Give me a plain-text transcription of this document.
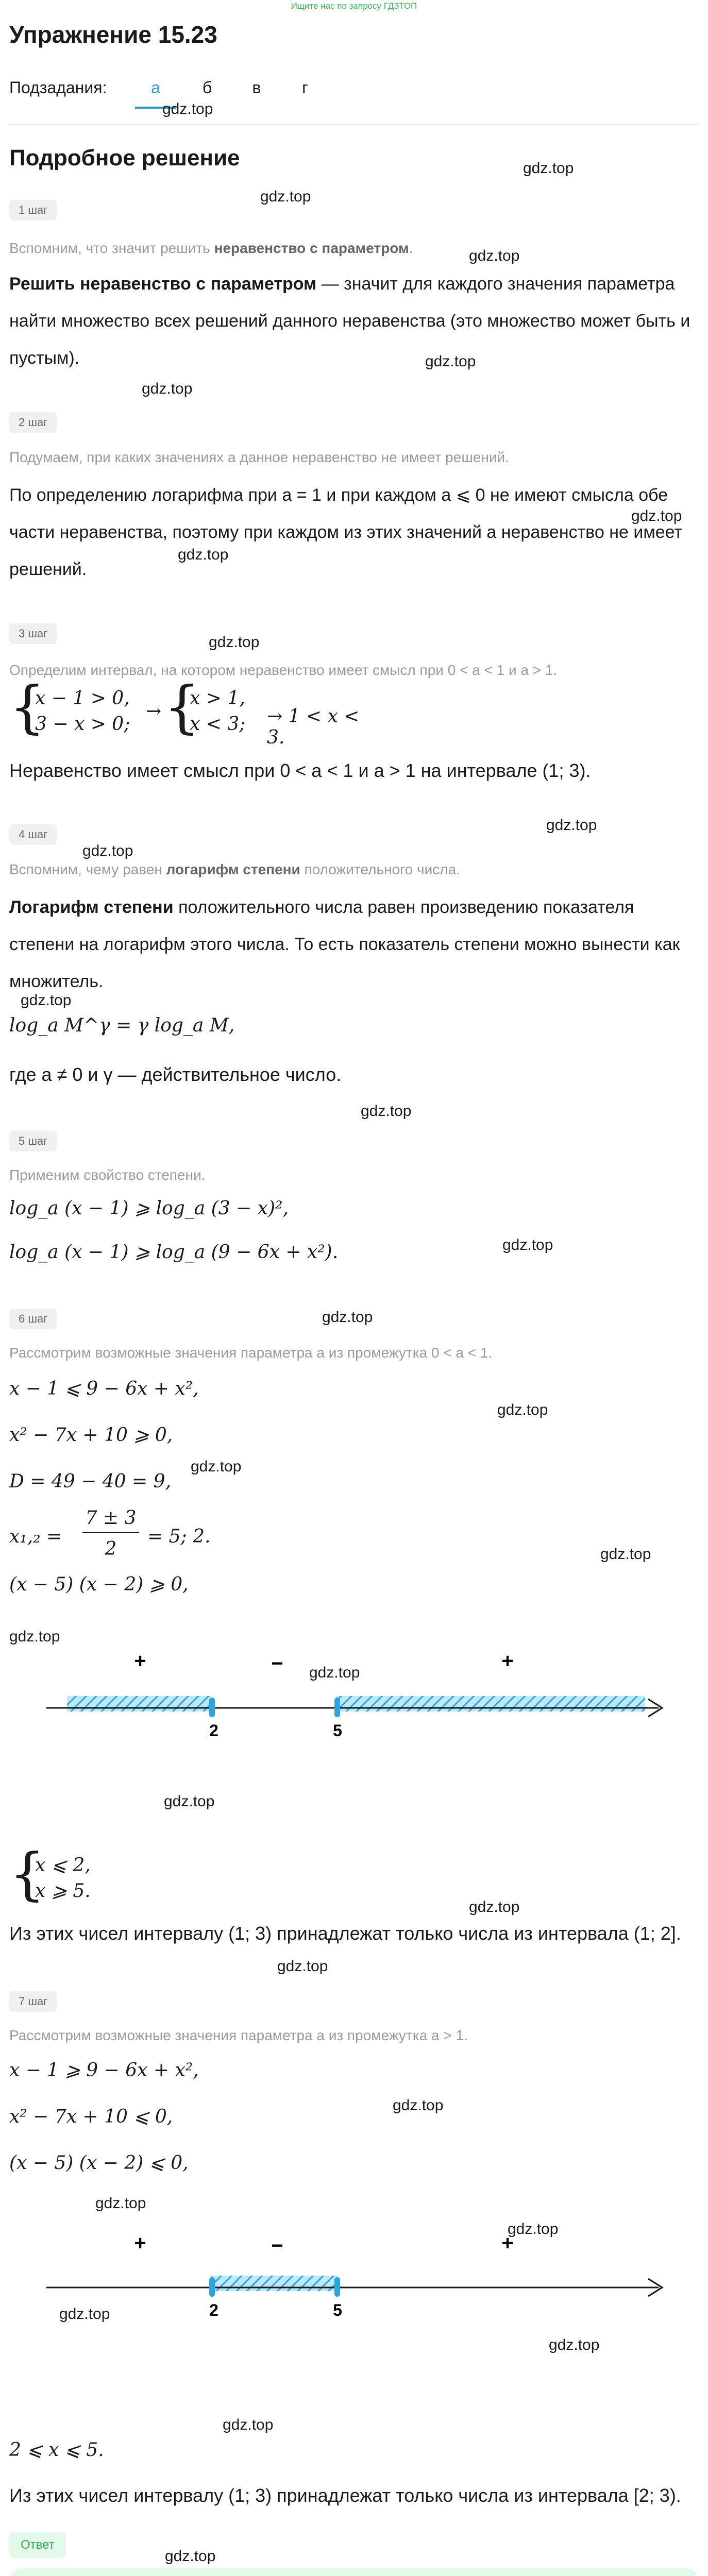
Ищите нас по запросу ГДЗТОП
Упражнение 15.23
Подзадания:	а	б	в	г
Подробное решение
1 шаг
Вспомним, что значит решить неравенство с параметром.
Решить неравенство с параметром — значит для каждого значения параметра найти множество всех решений данного неравенства (это множество может быть и пустым).
2 шаг
Подумаем, при каких значениях a данное неравенство не имеет решений.
По определению логарифма при a = 1 и при каждом a ⩽ 0 не имеют смысла обе части неравенства, поэтому при каждом из этих значений a неравенство не имеет решений.
3 шаг
Определим интервал, на котором неравенство имеет смысл при 0 < a < 1 и a > 1.
{
x − 1 > 0,
3 − x > 0;
→ {
x > 1,
x < 3; → 1 < x < 3.
Неравенство имеет смысл при 0 < a < 1 и a > 1 на интервале (1; 3).
4 шаг
Вспомним, чему равен логарифм степени положительного числа.
Логарифм степени положительного числа равен произведению показателя степени на логарифм этого числа. То есть показатель степени можно вынести как множитель.
log_a M^γ = γ log_a M,
где a ≠ 0 и γ — действительное число.
5 шаг
Применим свойство степени.
log_a (x − 1) ⩾ log_a (3 − x)²,
log_a (x − 1) ⩾ log_a (9 − 6x + x²).
6 шаг
Рассмотрим возможные значения параметра a из промежутка 0 < a < 1.
x − 1 ⩽ 9 − 6x + x²,
x² − 7x + 10 ⩾ 0,
D = 49 − 40 = 9,
x₁,₂ =
7 ± 3
2
= 5; 2.
(x − 5) (x − 2) ⩾ 0,
2	5
+	−	+
{
x ⩽ 2,
x ⩾ 5.
Из этих чисел интервалу (1; 3) принадлежат только числа из интервала (1; 2].
7 шаг
Рассмотрим возможные значения параметра a из промежутка a > 1.
x − 1 ⩾ 9 − 6x + x²,
x² − 7x + 10 ⩽ 0,
(x − 5) (x − 2) ⩽ 0,
2	5
+	−	+
2 ⩽ x ⩽ 5.
Из этих чисел интервалу (1; 3) принадлежат только числа из интервала [2; 3).
Ответ
gdz.top
gdz.top
gdz.top
gdz.top
gdz.top
gdz.top
gdz.top
gdz.top
gdz.top
gdz.top
gdz.top
gdz.top
gdz.top
gdz.top
gdz.top
gdz.top
gdz.top
gdz.top
gdz.top
gdz.top
gdz.top
gdz.top
gdz.top
gdz.top
gdz.top
gdz.top
gdz.top
gdz.top
gdz.top
gdz.top
